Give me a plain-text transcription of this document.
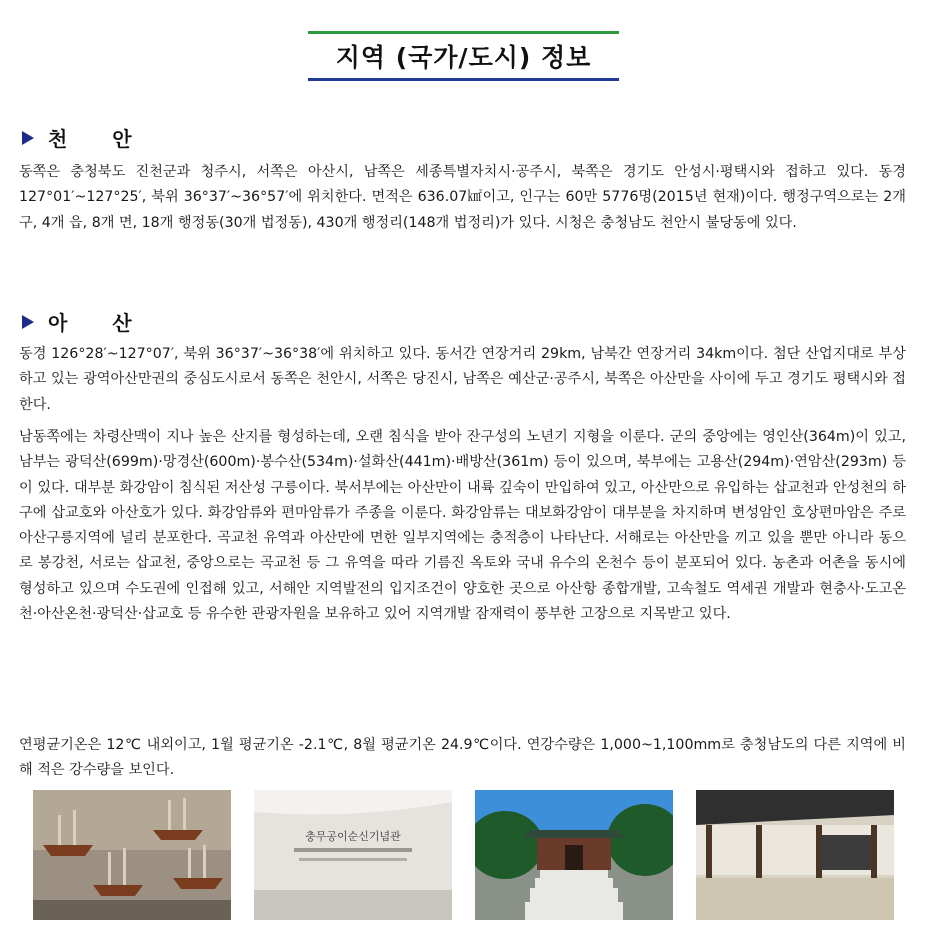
지역 (국가/도시) 정보
천 안

동쪽은 충청북도 진천군과 청주시, 서쪽은 아산시, 남쪽은 세종특별자치시·공주시, 북쪽은 경기도 안성시·평택시와 접하고 있다. 동경 127°01′~127°25′, 북위 36°37′~36°57′에 위치한다. 면적은 636.07㎢이고, 인구는 60만 5776명(2015년 현재)이다. 행정구역으로는 2개 구, 4개 읍, 8개 면, 18개 행정동(30개 법정동), 430개 행정리(148개 법정리)가 있다. 시청은 충청남도 천안시 불당동에 있다.

아 산

동경 126°28′~127°07′, 북위 36°37′~36°38′에 위치하고 있다. 동서간 연장거리 29km, 남북간 연장거리 34km이다. 첨단 산업지대로 부상하고 있는 광역아산만권의 중심도시로서 동쪽은 천안시, 서쪽은 당진시, 남쪽은 예산군·공주시, 북쪽은 아산만을 사이에 두고 경기도 평택시와 접한다.

남동쪽에는 차령산맥이 지나 높은 산지를 형성하는데, 오랜 침식을 받아 잔구성의 노년기 지형을 이룬다. 군의 중앙에는 영인산(364m)이 있고, 남부는 광덕산(699m)·망경산(600m)·봉수산(534m)·설화산(441m)·배방산(361m) 등이 있으며, 북부에는 고용산(294m)·연암산(293m) 등이 있다. 대부분 화강암이 침식된 저산성 구릉이다. 북서부에는 아산만이 내륙 깊숙이 만입하여 있고, 아산만으로 유입하는 삽교천과 안성천의 하구에 삽교호와 아산호가 있다. 화강암류와 편마암류가 주종을 이룬다. 화강암류는 대보화강암이 대부분을 차지하며 변성암인 호상편마암은 주로 아산구릉지역에 널리 분포한다. 곡교천 유역과 아산만에 면한 일부지역에는 충적층이 나타난다. 서해로는 아산만을 끼고 있을 뿐만 아니라 동으로 봉강천, 서로는 삽교천, 중앙으로는 곡교천 등 그 유역을 따라 기름진 옥토와 국내 유수의 온천수 등이 분포되어 있다. 농촌과 어촌을 동시에 형성하고 있으며 수도권에 인접해 있고, 서해안 지역발전의 입지조건이 양호한 곳으로 아산항 종합개발, 고속철도 역세권 개발과 현충사·도고온천·아산온천·광덕산·삽교호 등 유수한 관광자원을 보유하고 있어 지역개발 잠재력이 풍부한 고장으로 지목받고 있다.

연평균기온은 12℃ 내외이고, 1월 평균기온 -2.1℃, 8월 평균기온 24.9℃이다. 연강수량은 1,000~1,100mm로 충청남도의 다른 지역에 비해 적은 강수량을 보인다.

충무공이순신기념관
